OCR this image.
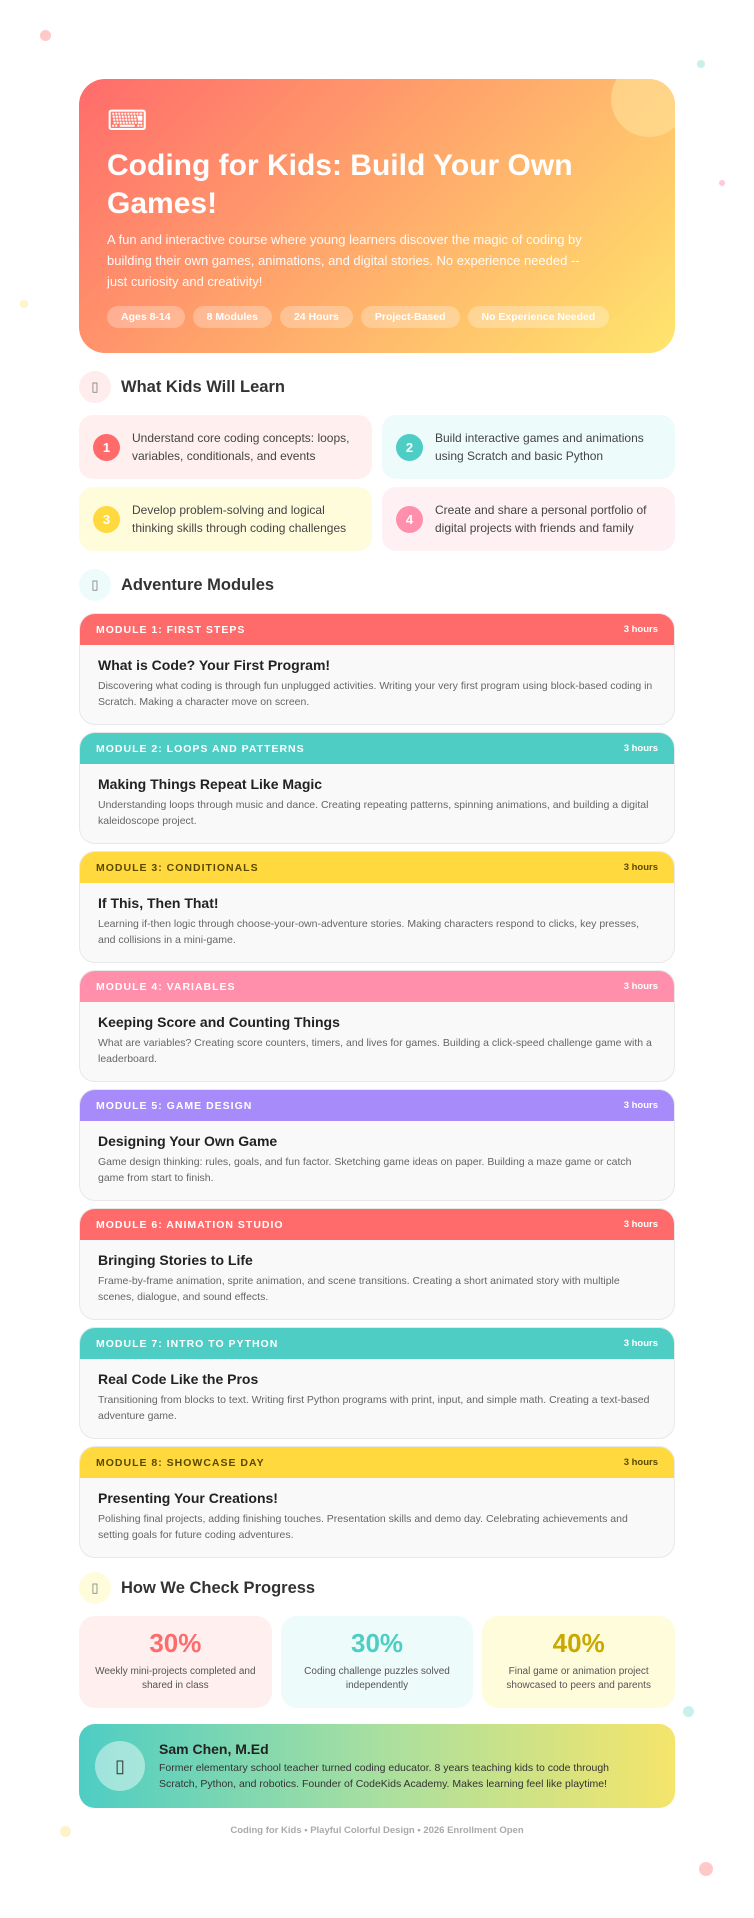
⌨
Coding for Kids: Build Your Own Games!

A fun and interactive course where young learners discover the magic of coding by building their own games, animations, and digital stories. No experience needed -- just curiosity and creativity!

Ages 8-14	8 Modules	24 Hours	Project-Based	No Experience Needed
▯	What Kids Will Learn
1
Understand core coding concepts: loops, variables, conditionals, and events
2
Build interactive games and animations using Scratch and basic Python
3
Develop problem-solving and logical thinking skills through coding challenges
4
Create and share a personal portfolio of digital projects with friends and family
▯	Adventure Modules
MODULE 1: FIRST STEPS	3 hours
What is Code? Your First Program!

Discovering what coding is through fun unplugged activities. Writing your very first program using block-based coding in Scratch. Making a character move on screen.

MODULE 2: LOOPS AND PATTERNS	3 hours
Making Things Repeat Like Magic

Understanding loops through music and dance. Creating repeating patterns, spinning animations, and building a digital kaleidoscope project.

MODULE 3: CONDITIONALS	3 hours
If This, Then That!

Learning if-then logic through choose-your-own-adventure stories. Making characters respond to clicks, key presses, and collisions in a mini-game.

MODULE 4: VARIABLES	3 hours
Keeping Score and Counting Things

What are variables? Creating score counters, timers, and lives for games. Building a click-speed challenge game with a leaderboard.

MODULE 5: GAME DESIGN	3 hours
Designing Your Own Game

Game design thinking: rules, goals, and fun factor. Sketching game ideas on paper. Building a maze game or catch game from start to finish.

MODULE 6: ANIMATION STUDIO	3 hours
Bringing Stories to Life

Frame-by-frame animation, sprite animation, and scene transitions. Creating a short animated story with multiple scenes, dialogue, and sound effects.

MODULE 7: INTRO TO PYTHON	3 hours
Real Code Like the Pros

Transitioning from blocks to text. Writing first Python programs with print, input, and simple math. Creating a text-based adventure game.

MODULE 8: SHOWCASE DAY	3 hours
Presenting Your Creations!

Polishing final projects, adding finishing touches. Presentation skills and demo day. Celebrating achievements and setting goals for future coding adventures.

▯	How We Check Progress
30%
Weekly mini-projects completed and shared in class
30%
Coding challenge puzzles solved independently
40%
Final game or animation project showcased to peers and parents
▯
Sam Chen, M.Ed
Former elementary school teacher turned coding educator. 8 years teaching kids to code through Scratch, Python, and robotics. Founder of CodeKids Academy. Makes learning feel like playtime!
Coding for Kids • Playful Colorful Design • 2026 Enrollment Open
